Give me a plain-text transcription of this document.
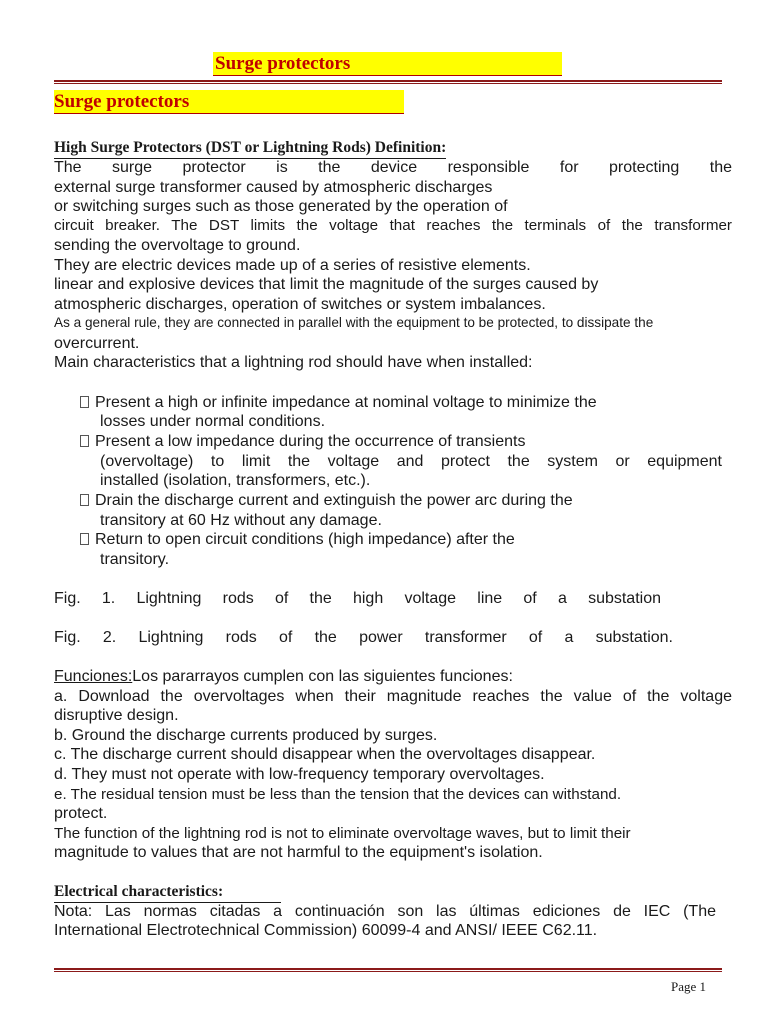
Surge protectors
Surge protectors
High Surge Protectors (DST or Lightning Rods) Definition:
The surge protector is the device responsible for protecting the
external surge transformer caused by atmospheric discharges
or switching surges such as those generated by the operation of
circuit breaker. The DST limits the voltage that reaches the terminals of the transformer
sending the overvoltage to ground.
They are electric devices made up of a series of resistive elements.
linear and explosive devices that limit the magnitude of the surges caused by
atmospheric discharges, operation of switches or system imbalances.
As a general rule, they are connected in parallel with the equipment to be protected, to dissipate the
overcurrent.
Main characteristics that a lightning rod should have when installed:
Present a high or infinite impedance at nominal voltage to minimize the
losses under normal conditions.
Present a low impedance during the occurrence of transients
(overvoltage) to limit the voltage and protect the system or equipment
installed (isolation, transformers, etc.).
Drain the discharge current and extinguish the power arc during the
transitory at 60 Hz without any damage.
Return to open circuit conditions (high impedance) after the
transitory.
Fig. 1. Lightning rods of the high voltage line of a substation
Fig. 2. Lightning rods of the power transformer of a substation.
Funciones:Los pararrayos cumplen con las siguientes funciones:
a. Download the overvoltages when their magnitude reaches the value of the voltage
disruptive design.
b. Ground the discharge currents produced by surges.
c. The discharge current should disappear when the overvoltages disappear.
d. They must not operate with low-frequency temporary overvoltages.
e. The residual tension must be less than the tension that the devices can withstand.
protect.
The function of the lightning rod is not to eliminate overvoltage waves, but to limit their
magnitude to values that are not harmful to the equipment's isolation.
Electrical characteristics:
Nota: Las normas citadas a continuación son las últimas ediciones de IEC (The
International Electrotechnical Commission) 60099-4 and ANSI/ IEEE C62.11.
Page 1
